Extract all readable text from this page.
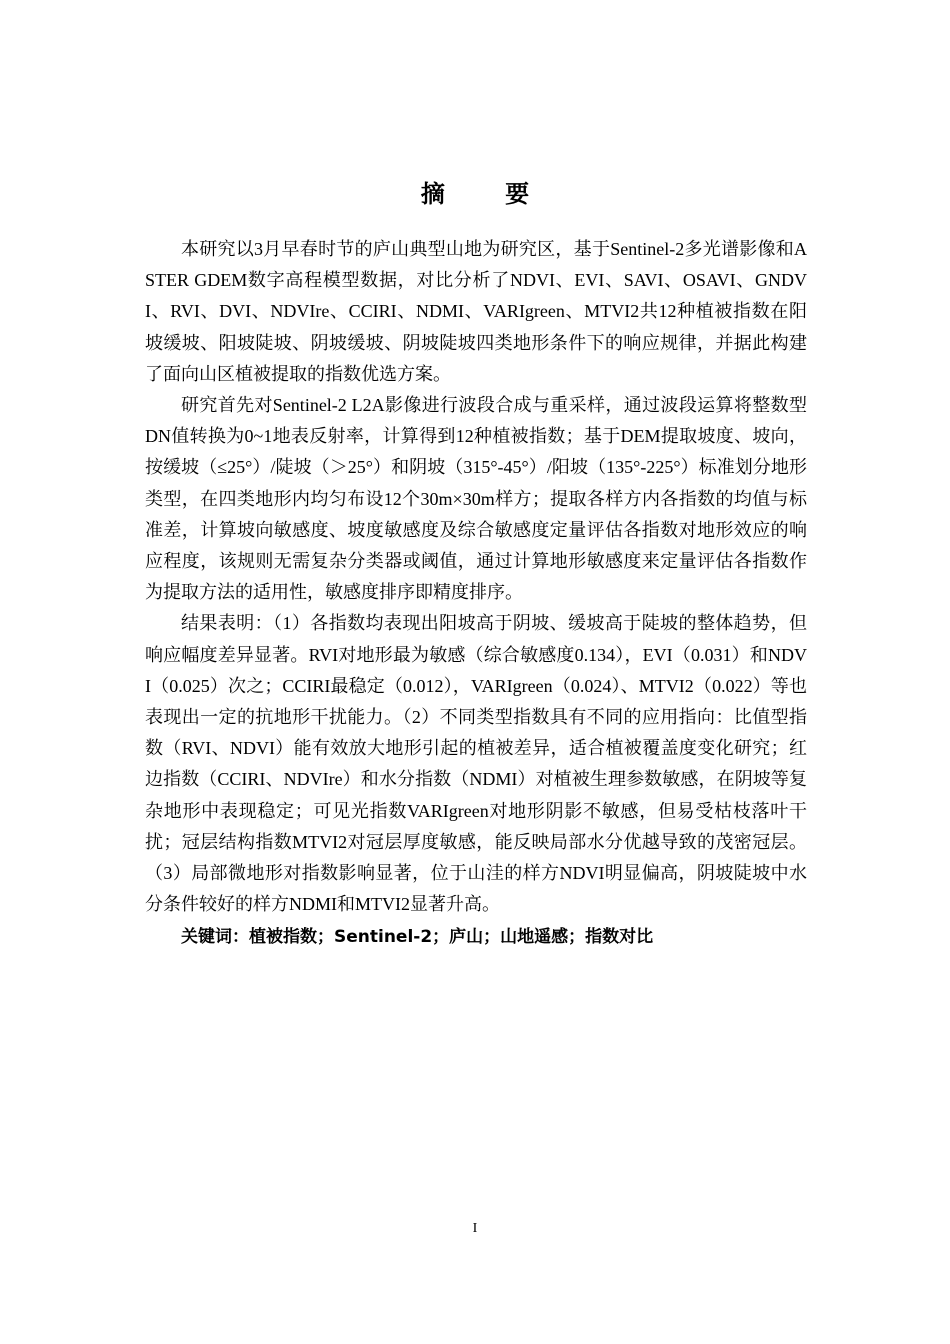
摘 要

本研究以3月早春时节的庐山典型山地为研究区，基于Sentinel-2多光谱影像和ASTER GDEM数字高程模型数据，对比分析了NDVI、EVI、SAVI、OSAVI、GNDVI、RVI、DVI、NDVIre、CCIRI、NDMI、VARIgreen、MTVI2共12种植被指数在阳坡缓坡、阳坡陡坡、阴坡缓坡、阴坡陡坡四类地形条件下的响应规律，并据此构建了面向山区植被提取的指数优选方案。

研究首先对Sentinel-2 L2A影像进行波段合成与重采样，通过波段运算将整数型DN值转换为0~1地表反射率，计算得到12种植被指数；基于DEM提取坡度、坡向，按缓坡（≤25°）/陡坡（＞25°）和阴坡（315°-45°）/阳坡（135°-225°）标准划分地形类型，在四类地形内均匀布设12个30m×30m样方；提取各样方内各指数的均值与标准差，计算坡向敏感度、坡度敏感度及综合敏感度定量评估各指数对地形效应的响应程度，该规则无需复杂分类器或阈值，通过计算地形敏感度来定量评估各指数作为提取方法的适用性，敏感度排序即精度排序。

结果表明：（1）各指数均表现出阳坡高于阴坡、缓坡高于陡坡的整体趋势，但响应幅度差异显著。RVI对地形最为敏感（综合敏感度0.134），EVI（0.031）和NDVI（0.025）次之；CCIRI最稳定（0.012），VARIgreen（0.024）、MTVI2（0.022）等也表现出一定的抗地形干扰能力。（2）不同类型指数具有不同的应用指向：比值型指数（RVI、NDVI）能有效放大地形引起的植被差异，适合植被覆盖度变化研究；红边指数（CCIRI、NDVIre）和水分指数（NDMI）对植被生理参数敏感，在阴坡等复杂地形中表现稳定；可见光指数VARIgreen对地形阴影不敏感，但易受枯枝落叶干扰；冠层结构指数MTVI2对冠层厚度敏感，能反映局部水分优越导致的茂密冠层。（3）局部微地形对指数影响显著，位于山洼的样方NDVI明显偏高，阴坡陡坡中水分条件较好的样方NDMI和MTVI2显著升高。

关键词：植被指数；Sentinel-2；庐山；山地遥感；指数对比

I
